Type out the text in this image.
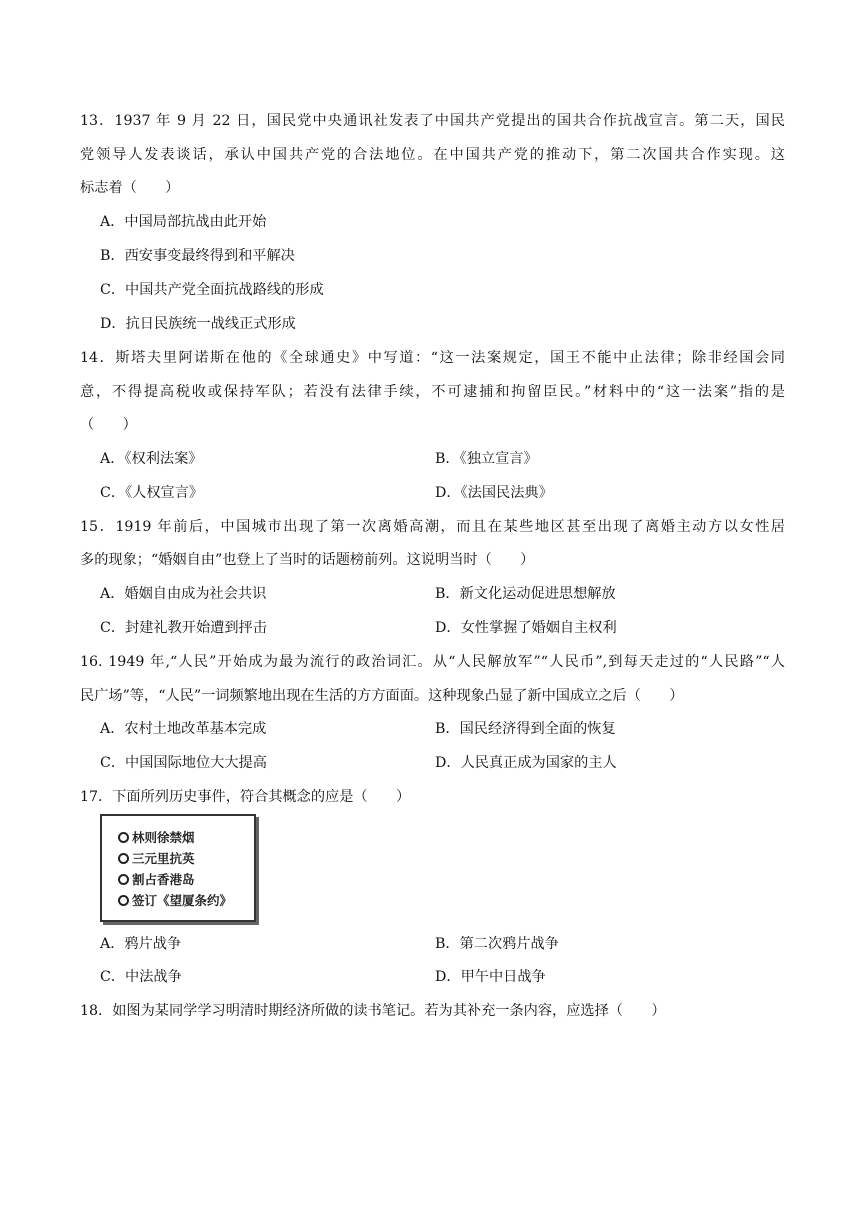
13．1937 年 9 月 22 日，国民党中央通讯社发表了中国共产党提出的国共合作抗战宣言。第二天，国民
党领导人发表谈话，承认中国共产党的合法地位。在中国共产党的推动下，第二次国共合作实现。这
标志着（　　）
A．中国局部抗战由此开始
B．西安事变最终得到和平解决
C．中国共产党全面抗战路线的形成
D．抗日民族统一战线正式形成
14．斯塔夫里阿诺斯在他的《全球通史》中写道：“这一法案规定，国王不能中止法律；除非经国会同
意，不得提高税收或保持军队；若没有法律手续，不可逮捕和拘留臣民。”材料中的“这一法案”指的是
（　　）
A．《权利法案》	B．《独立宣言》
C．《人权宣言》	D．《法国民法典》
15．1919 年前后，中国城市出现了第一次离婚高潮，而且在某些地区甚至出现了离婚主动方以女性居
多的现象；“婚姻自由”也登上了当时的话题榜前列。这说明当时（　　）
A．婚姻自由成为社会共识	B．新文化运动促进思想解放
C．封建礼教开始遭到抨击	D．女性掌握了婚姻自主权利
16. 1949 年,“人民”开始成为最为流行的政治词汇。从“人民解放军”“人民币”,到每天走过的“人民路”“人
民广场”等，“人民”一词频繁地出现在生活的方方面面。这种现象凸显了新中国成立之后（　　）
A．农村土地改革基本完成	B．国民经济得到全面的恢复
C．中国国际地位大大提高	D．人民真正成为国家的主人
17．下面所列历史事件，符合其概念的应是（　　）
林则徐禁烟
三元里抗英
割占香港岛
签订《望厦条约》
A．鸦片战争	B．第二次鸦片战争
C．中法战争	D．甲午中日战争
18．如图为某同学学习明清时期经济所做的读书笔记。若为其补充一条内容，应选择（　　）
